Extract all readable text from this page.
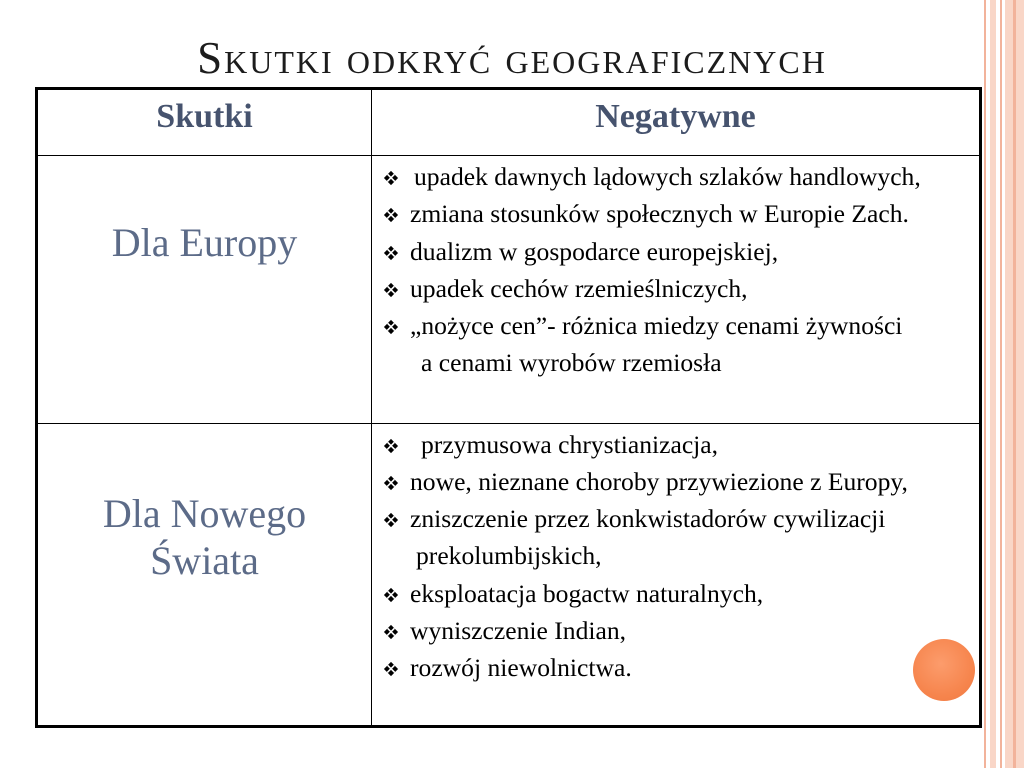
Skutki odkryć geograficznych
Skutki	Negatywne
Dla Europy
Dla Nowego
Świata
upadek dawnych lądowych szlaków handlowych,
zmiana stosunków społecznych w Europie Zach.
dualizm w gospodarce europejskiej,
upadek cechów rzemieślniczych,
„nożyce cen”- różnica miedzy cenami żywności
a cenami wyrobów rzemiosła
przymusowa chrystianizacja,
nowe, nieznane choroby przywiezione z Europy,
zniszczenie przez konkwistadorów cywilizacji
prekolumbijskich,
eksploatacja bogactw naturalnych,
wyniszczenie Indian,
rozwój niewolnictwa.
